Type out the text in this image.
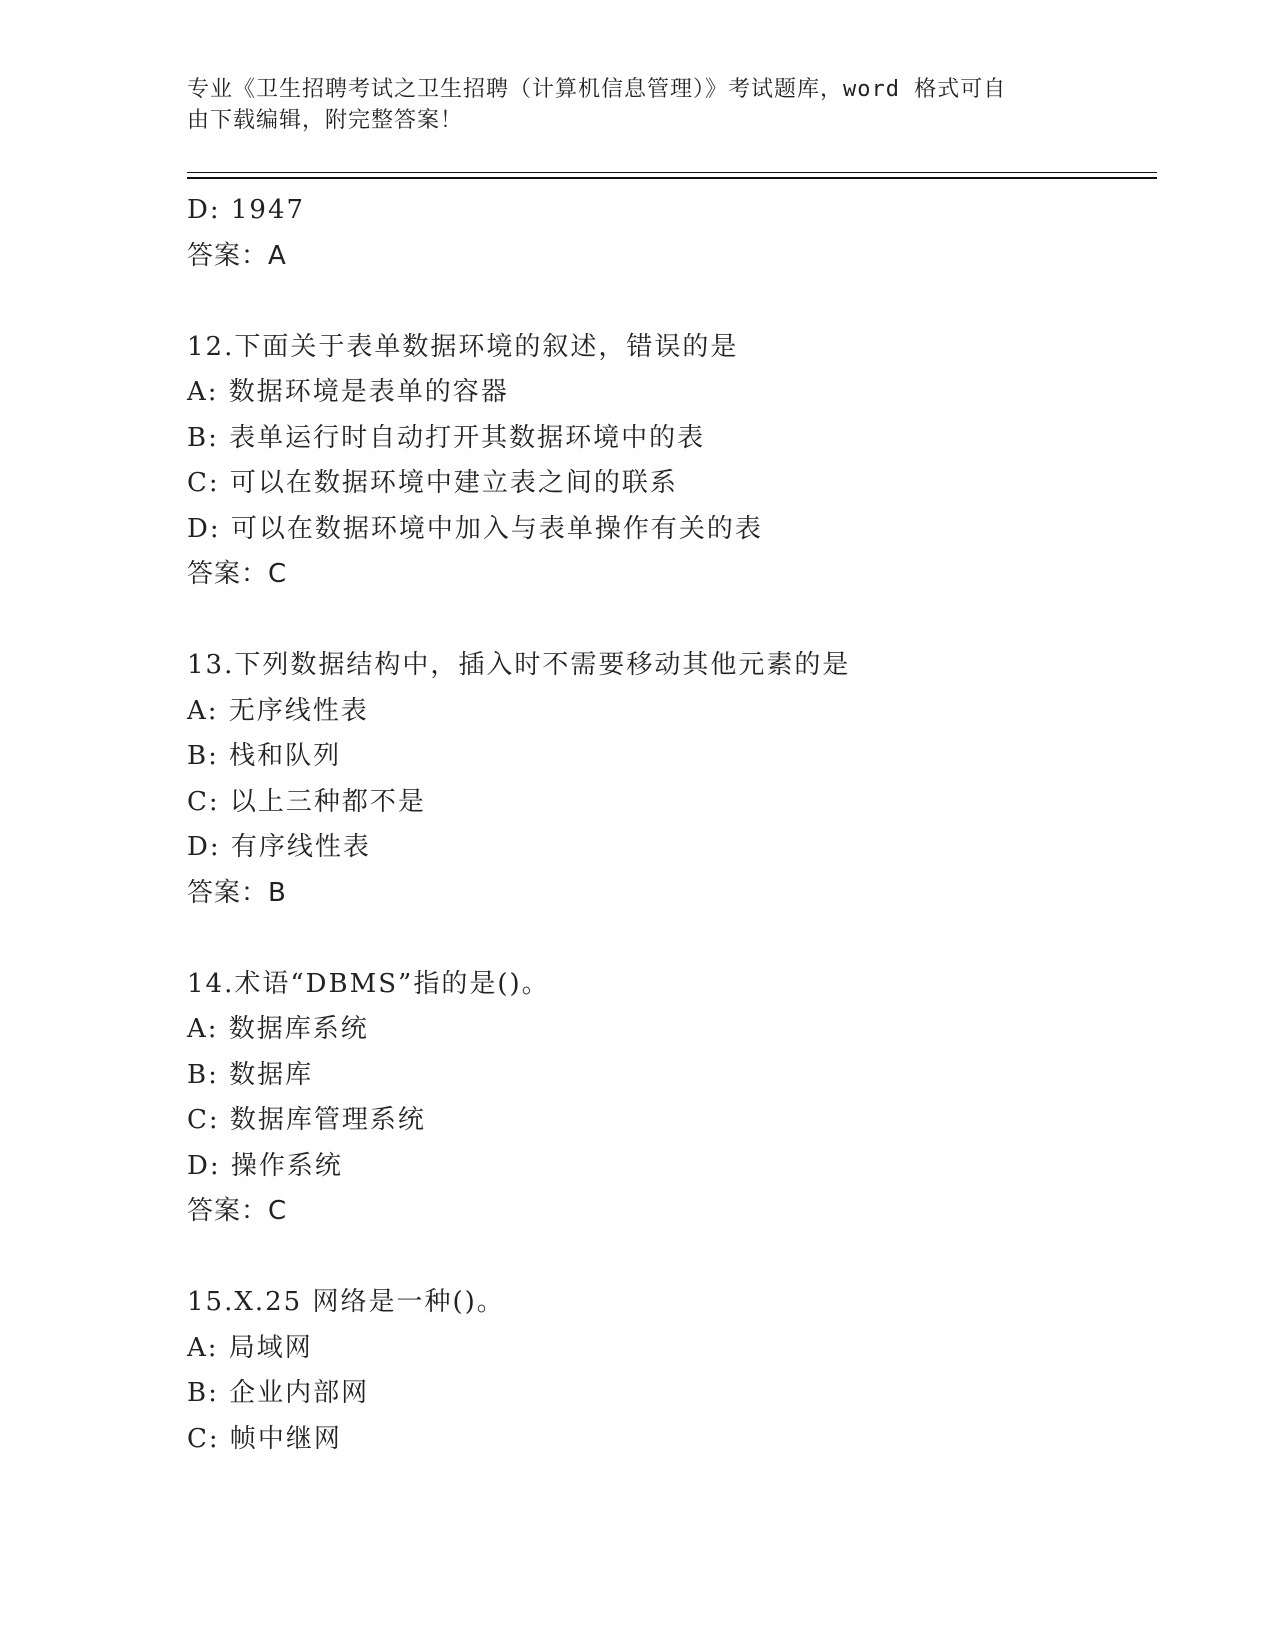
专业《卫生招聘考试之卫生招聘（计算机信息管理）》考试题库，word 格式可自
由下载编辑，附完整答案！
D: 1947
答案：A
12.下面关于表单数据环境的叙述，错误的是
A: 数据环境是表单的容器
B: 表单运行时自动打开其数据环境中的表
C: 可以在数据环境中建立表之间的联系
D: 可以在数据环境中加入与表单操作有关的表
答案：C
13.下列数据结构中，插入时不需要移动其他元素的是
A: 无序线性表
B: 栈和队列
C: 以上三种都不是
D: 有序线性表
答案：B
14.术语“DBMS”指的是()。
A: 数据库系统
B: 数据库
C: 数据库管理系统
D: 操作系统
答案：C
15.X.25 网络是一种()。
A: 局域网
B: 企业内部网
C: 帧中继网
